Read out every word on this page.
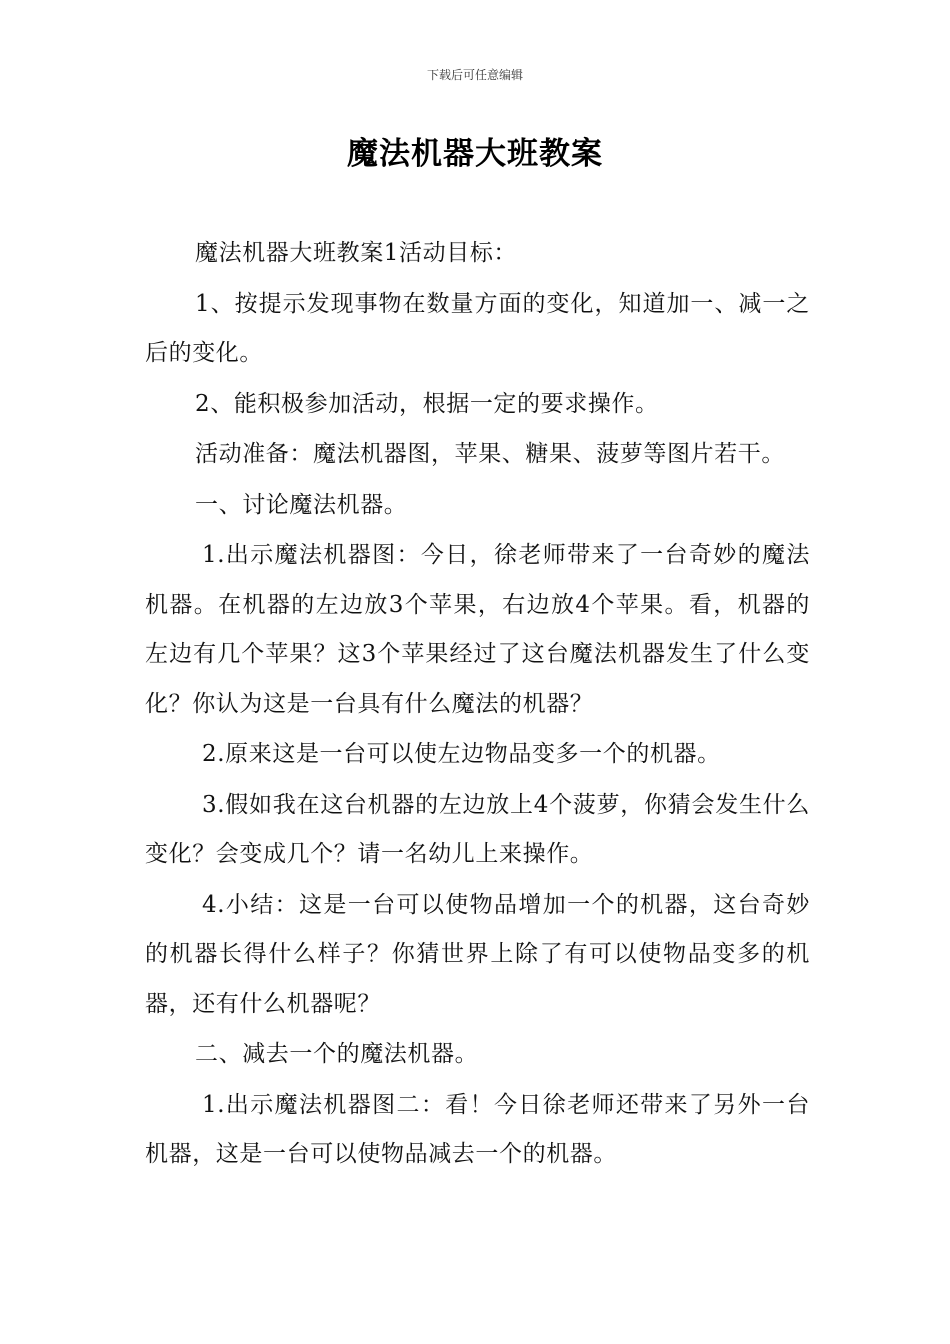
下载后可任意编辑
魔法机器大班教案

魔法机器大班教案1活动目标：

1、按提示发现事物在数量方面的变化，知道加一、减一之后的变化。

2、能积极参加活动，根据一定的要求操作。

活动准备：魔法机器图，苹果、糖果、菠萝等图片若干。

一、讨论魔法机器。

1.出示魔法机器图：今日，徐老师带来了一台奇妙的魔法机器。在机器的左边放3个苹果，右边放4个苹果。看，机器的左边有几个苹果？这3个苹果经过了这台魔法机器发生了什么变化？你认为这是一台具有什么魔法的机器？

2.原来这是一台可以使左边物品变多一个的机器。

3.假如我在这台机器的左边放上4个菠萝，你猜会发生什么变化？会变成几个？请一名幼儿上来操作。

4.小结：这是一台可以使物品增加一个的机器，这台奇妙的机器长得什么样子？你猜世界上除了有可以使物品变多的机器，还有什么机器呢？

二、减去一个的魔法机器。

1.出示魔法机器图二：看！今日徐老师还带来了另外一台机器，这是一台可以使物品减去一个的机器。
